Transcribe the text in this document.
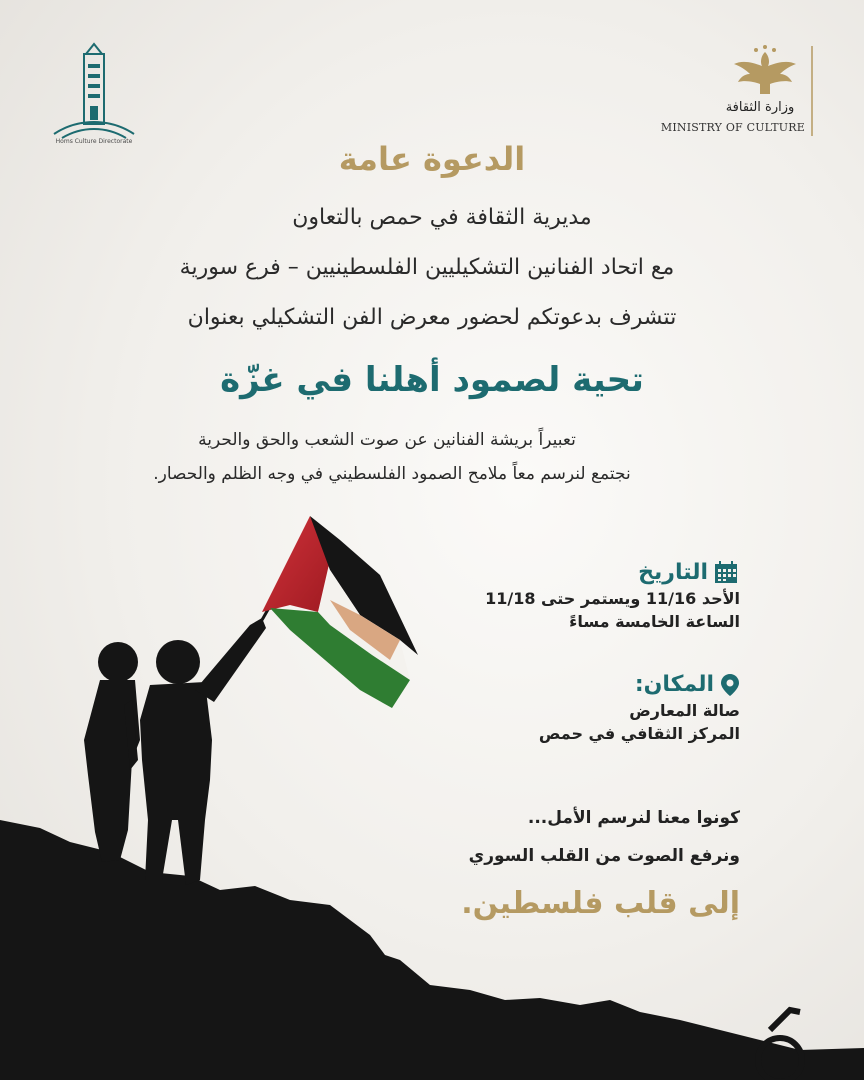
وزارة الثقافة
MINISTRY OF CULTURE
Homs Culture Directorate	الدعوة عامة
مديرية الثقافة في حمص بالتعاون
مع اتحاد الفنانين التشكيليين الفلسطينيين – فرع سورية
تتشرف بدعوتكم لحضور معرض الفن التشكيلي بعنوان
تحية لصمود أهلنا في غزّة
تعبيراً بريشة الفنانين عن صوت الشعب والحق والحرية
نجتمع لنرسم معاً ملامح الصمود الفلسطيني في وجه الظلم والحصار.
التاريخ
الأحد 11/16 ويستمر حتى 11/18
الساعة الخامسة مساءً
المكان:
صالة المعارض
المركز الثقافي في حمص
كونوا معنا لنرسم الأمل...
ونرفع الصوت من القلب السوري
إلى قلب فلسطين.
